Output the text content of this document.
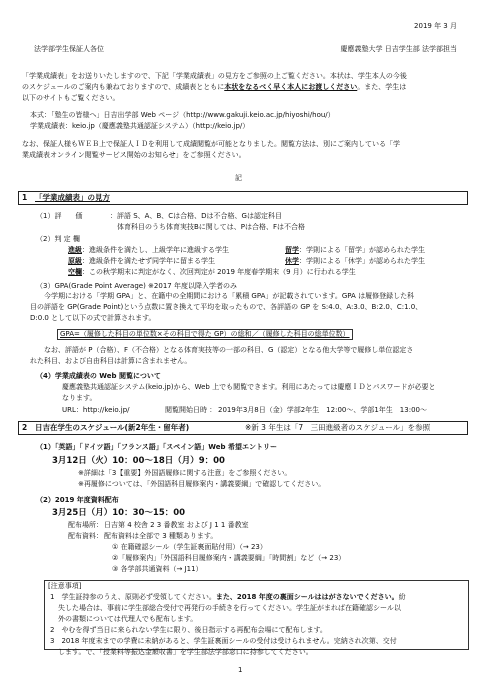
2019 年 3 月
法学部学生保証人各位	慶應義塾大学 日吉学生部 法学部担当
「学業成績表」をお送りいたしますので、下記「学業成績表」の見方をご参照の上ご覧ください。本状は、学生本人の今後
のスケジュールのご案内も兼ねておりますので、成績表とともに本状をなるべく早く本人にお渡しください。また、学生は
以下のサイトもご覧ください。
本式：「塾生の皆様へ」日吉出学部 Web ページ（http://www.gakuji.keio.ac.jp/hiyoshi/hou/）
学業成績表：keio.jp（慶應義塾共通認証システム）（http://keio.jp/）
なお、保証人様もＷＥＢ上で保証人ＩＤを利用して成績閲覧が可能となりました。閲覧方法は、別にご案内している「学
業成績表オンライン閲覧サービス開始のお知らせ」をご参照ください。
記
1 「学業成績表」の見方
（1）評　　価	：評語 S、A、B、Cは合格、Dは不合格、Gは認定科目
体育科目のうち体育実技Bに関しては、Pは合格、Fは不合格
（2）判 定 欄
進級：進級条件を満たし、上級学年に進級する学生	留学：学則による「留学」が認められた学生
原級：進級条件を満たせず同学年に留まる学生	休学：学則による「休学」が認められた学生
空欄：この秋学期末に判定がなく、次回判定が 2019 年度春学期末（9 月）に行われる学生
（3）GPA(Grade Point Average) ※2017 年度以降入学者のみ
今学期における「学期 GPA」と、在籍中の全期間における「累積 GPA」が記載されています。GPA は履修登録した科
目の評語を GP(Grade Point)という点数に置き換えて平均を取ったもので、各評語の GP を S:4.0、A:3.0、B:2.0、C:1.0、
D:0.0 として以下の式で計算されます。
GPA=（履修した科目の単位数×その科目で得た GP）の総和／（履修した科目の総単位数）
なお、評語が P（合格）、F（不合格）となる体育実技等の一部の科目、G（認定）となる他大学等で履修し単位認定さ
れた科目、および自由科目は計算に含まれません。
（4）学業成績表の Web 閲覧について
慶應義塾共通認証システム(keio.jp)から、Web 上でも閲覧できます。利用にあたっては慶應ＩＤとパスワードが必要と
なります。
URL：http://keio.jp/	閲覧開始日時 ： 2019年3月8日（金）学部2年生　12:00〜、学部1年生　13:00〜
2 日吉在学生のスケジュール(新2年生・留年者)	※新 3 年生は「7　三田進級者のスケジュール」を参照
（1）「英語」「ドイツ語」「フランス語」「スペイン語」Web 希望エントリー
3月12日（火）10：00〜18日（月）9：00
※詳細は「3【重要】外国語履修に関する注意」をご参照ください。
※再履修については、「外国語科目履修案内・講義要綱」で確認してください。
（2）2019 年度資料配布
3月25日（月）10：30〜15：00
配布場所： 日吉第 4 校舎 2 3 番教室 および J 1 1 番教室
配布資料： 配布資料は全部で 3 種類あります。
① 在籍確認シール（学生証裏面貼付用）（→ 23）
②「履修案内」「外国語科目履修案内・講義要綱」「時間割」など（→ 23）
③ 各学部共通資料（→ J11）
[注意事項]
1　学生証持参のうえ、原則必ず受領してください。また、2018 年度の裏面シールははがさないでください。紛
失した場合は、事前に学生部総合受付で再発行の手続きを行ってください。学生証がまれば在籍確認シール以
外の書類については代理人でも配布します。
2　やむを得ず当日に来られない学生に限り、後日指示する再配布会場にて配布します。
3　2018 年度末までの学費に未納があると、学生証裏面シールの受付は受けられません。完納され次第、交付
します。で、「授業料等振込金額収書」を学生部法学部窓口に持参してください。
1
